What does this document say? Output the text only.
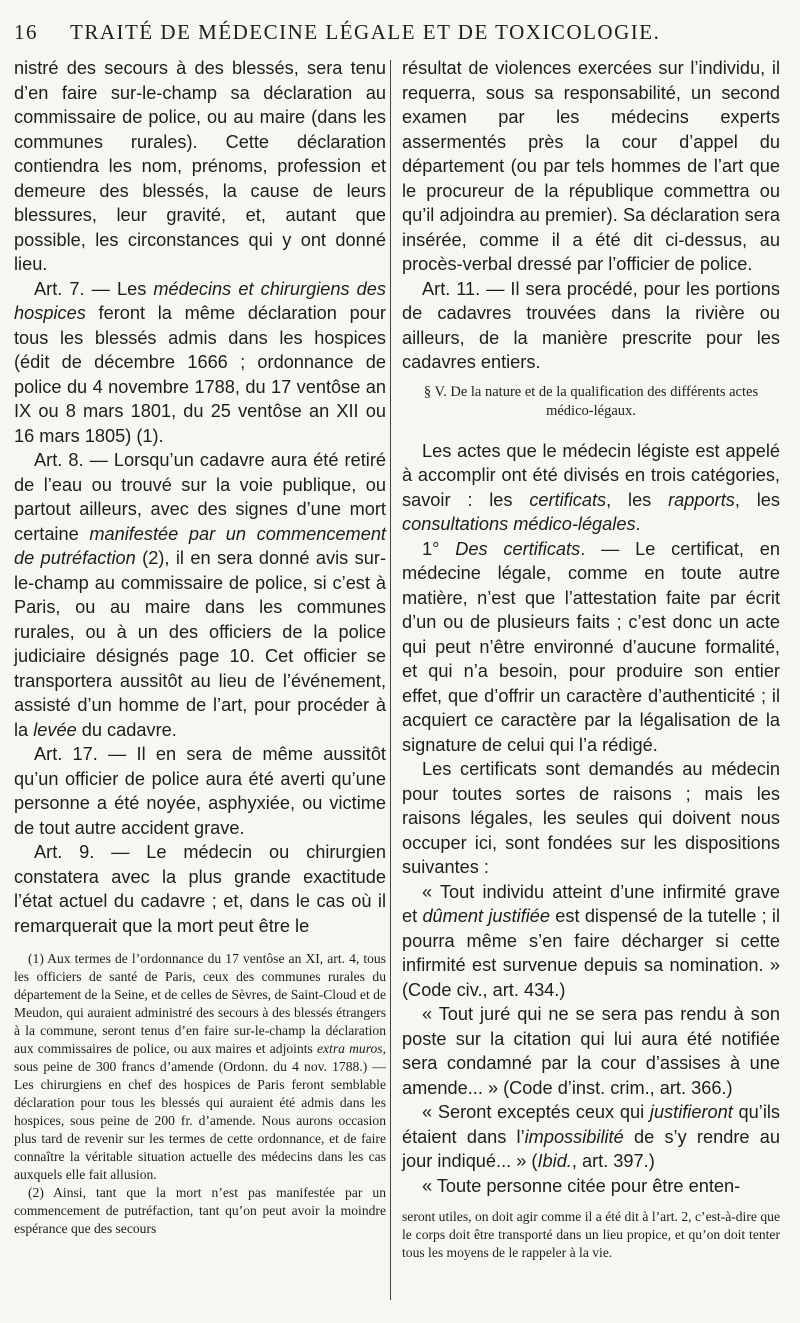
16 TRAITÉ DE MÉDECINE LÉGALE ET DE TOXICOLOGIE.

nistré des secours à des blessés, sera tenu d’en faire sur-le-champ sa déclaration au commissaire de police, ou au maire (dans les communes rurales). Cette déclaration contiendra les nom, prénoms, profession et demeure des blessés, la cause de leurs blessures, leur gravité, et, autant que possible, les circonstances qui y ont donné lieu.

Art. 7. — Les médecins et chirurgiens des hospices feront la même déclaration pour tous les blessés admis dans les hospices (édit de décembre 1666 ; ordonnance de police du 4 novembre 1788, du 17 ventôse an IX ou 8 mars 1801, du 25 ventôse an XII ou 16 mars 1805) (1).

Art. 8. — Lorsqu’un cadavre aura été retiré de l’eau ou trouvé sur la voie publique, ou partout ailleurs, avec des signes d’une mort certaine manifestée par un commencement de putréfaction (2), il en sera donné avis sur-le-champ au commissaire de police, si c’est à Paris, ou au maire dans les communes rurales, ou à un des officiers de la police judiciaire désignés page 10. Cet officier se transportera aussitôt au lieu de l’événement, assisté d’un homme de l’art, pour procéder à la levée du cadavre.

Art. 17. — Il en sera de même aussitôt qu’un officier de police aura été averti qu’une personne a été noyée, asphyxiée, ou victime de tout autre accident grave.

Art. 9. — Le médecin ou chirurgien constatera avec la plus grande exactitude l’état actuel du cadavre ; et, dans le cas où il remarquerait que la mort peut être le

(1) Aux termes de l’ordonnance du 17 ventôse an XI, art. 4, tous les officiers de santé de Paris, ceux des communes rurales du département de la Seine, et de celles de Sèvres, de Saint-Cloud et de Meudon, qui auraient administré des secours à des blessés étrangers à la commune, seront tenus d’en faire sur-le-champ la déclaration aux commissaires de police, ou aux maires et adjoints extra muros, sous peine de 300 francs d’amende (Ordonn. du 4 nov. 1788.) — Les chirurgiens en chef des hospices de Paris feront semblable déclaration pour tous les blessés qui auraient été admis dans les hospices, sous peine de 200 fr. d’amende. Nous aurons occasion plus tard de revenir sur les termes de cette ordonnance, et de faire connaître la véritable situation actuelle des médecins dans les cas auxquels elle fait allusion.

(2) Ainsi, tant que la mort n’est pas manifestée par un commencement de putréfaction, tant qu’on peut avoir la moindre espérance que des secours

résultat de violences exercées sur l’individu, il requerra, sous sa responsabilité, un second examen par les médecins experts assermentés près la cour d’appel du département (ou par tels hommes de l’art que le procureur de la république commettra ou qu’il adjoindra au premier). Sa déclaration sera insérée, comme il a été dit ci-dessus, au procès-verbal dressé par l’officier de police.

Art. 11. — Il sera procédé, pour les portions de cadavres trouvées dans la rivière ou ailleurs, de la manière prescrite pour les cadavres entiers.

§ V. De la nature et de la qualification des différents actes médico-légaux.

Les actes que le médecin légiste est appelé à accomplir ont été divisés en trois catégories, savoir : les certificats, les rapports, les consultations médico-légales.

1° Des certificats. — Le certificat, en médecine légale, comme en toute autre matière, n’est que l’attestation faite par écrit d’un ou de plusieurs faits ; c’est donc un acte qui peut n’être environné d’aucune formalité, et qui n’a besoin, pour produire son entier effet, que d’offrir un caractère d’authenticité ; il acquiert ce caractère par la légalisation de la signature de celui qui l’a rédigé.

Les certificats sont demandés au médecin pour toutes sortes de raisons ; mais les raisons légales, les seules qui doivent nous occuper ici, sont fondées sur les dispositions suivantes :

« Tout individu atteint d’une infirmité grave et dûment justifiée est dispensé de la tutelle ; il pourra même s’en faire décharger si cette infirmité est survenue depuis sa nomination. » (Code civ., art. 434.)

« Tout juré qui ne se sera pas rendu à son poste sur la citation qui lui aura été notifiée sera condamné par la cour d’assises à une amende... » (Code d’inst. crim., art. 366.)

« Seront exceptés ceux qui justifieront qu’ils étaient dans l’impossibilité de s’y rendre au jour indiqué... » (Ibid., art. 397.)

« Toute personne citée pour être enten-

seront utiles, on doit agir comme il a été dit à l’art. 2, c’est-à-dire que le corps doit être transporté dans un lieu propice, et qu’on doit tenter tous les moyens de le rappeler à la vie.
